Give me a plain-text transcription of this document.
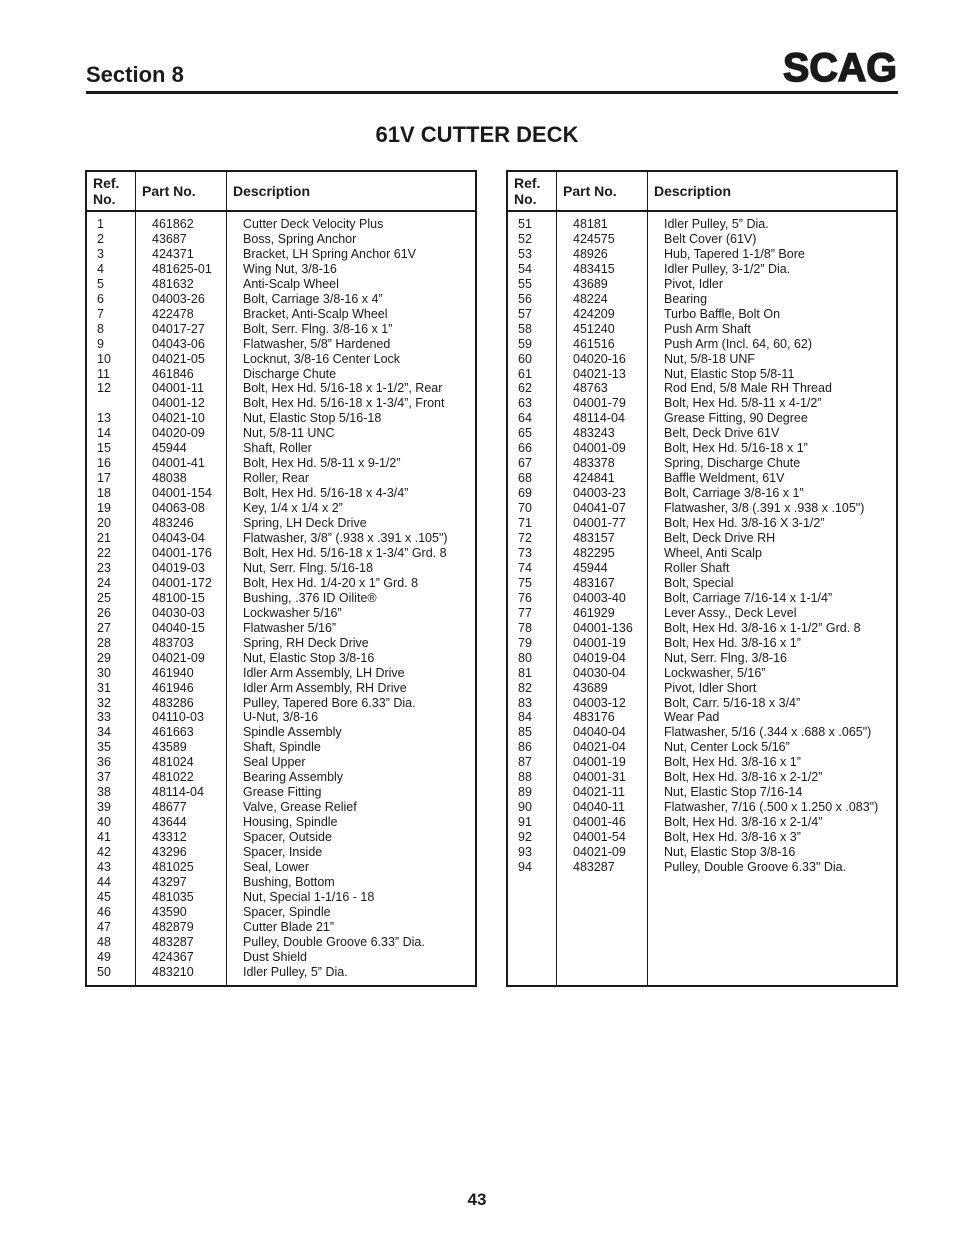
Section 8	SCAG
61V CUTTER DECK
Ref. No.	Part No.	Description
1	461862	Cutter Deck Velocity Plus
2	43687	Boss, Spring Anchor
3	424371	Bracket, LH Spring Anchor 61V
4	481625-01 Wing Nut, 3/8-16
5	481632	Anti-Scalp Wheel
6	04003-26	Bolt, Carriage 3/8-16 x 4”
7	422478	Bracket, Anti-Scalp Wheel
8	04017-27	Bolt, Serr. Flng. 3/8-16 x 1”
9	04043-06	Flatwasher, 5/8” Hardened
10	04021-05	Locknut, 3/8-16 Center Lock
11	461846	Discharge Chute
12	04001-11	Bolt, Hex Hd. 5/16-18 x 1-1/2”, Rear
04001-12	Bolt, Hex Hd. 5/16-18 x 1-3/4”, Front
13	04021-10	Nut, Elastic Stop 5/16-18
14	04020-09	Nut, 5/8-11 UNC
15	45944	Shaft, Roller
16	04001-41	Bolt, Hex Hd. 5/8-11 x 9-1/2”
17	48038	Roller, Rear
18	04001-154 Bolt, Hex Hd. 5/16-18 x 4-3/4”
19	04063-08	Key, 1/4 x 1/4 x 2”
20	483246	Spring, LH Deck Drive
21	04043-04	Flatwasher, 3/8” (.938 x .391 x .105")
22	04001-176 Bolt, Hex Hd. 5/16-18 x 1-3/4” Grd. 8
23	04019-03	Nut, Serr. Flng. 5/16-18
24	04001-172 Bolt, Hex Hd. 1/4-20 x 1” Grd. 8
25	48100-15	Bushing, .376 ID Oilite®
26	04030-03	Lockwasher 5/16”
27	04040-15	Flatwasher 5/16”
28	483703	Spring, RH Deck Drive
29	04021-09	Nut, Elastic Stop 3/8-16
30	461940	Idler Arm Assembly, LH Drive
31	461946	Idler Arm Assembly, RH Drive
32	483286	Pulley, Tapered Bore 6.33” Dia.
33	04110-03	U-Nut, 3/8-16
34	461663	Spindle Assembly
35	43589	Shaft, Spindle
36	481024	Seal Upper
37	481022	Bearing Assembly
38	48114-04	Grease Fitting
39	48677	Valve, Grease Relief
40	43644	Housing, Spindle
41	43312	Spacer, Outside
42	43296	Spacer, Inside
43	481025	Seal, Lower
44	43297	Bushing, Bottom
45	481035	Nut, Special 1-1/16 - 18
46	43590	Spacer, Spindle
47	482879	Cutter Blade 21”
48	483287	Pulley, Double Groove 6.33” Dia.
49	424367	Dust Shield
50	483210	Idler Pulley, 5” Dia.
Ref. No.	Part No.	Description
51	48181	Idler Pulley, 5” Dia.
52	424575	Belt Cover (61V)
53	48926	Hub, Tapered 1-1/8” Bore
54	483415	Idler Pulley, 3-1/2” Dia.
55	43689	Pivot, Idler
56	48224	Bearing
57	424209	Turbo Baffle, Bolt On
58	451240	Push Arm Shaft
59	461516	Push Arm (Incl. 64, 60, 62)
60	04020-16	Nut, 5/8-18 UNF
61	04021-13	Nut, Elastic Stop 5/8-11
62	48763	Rod End, 5/8 Male RH Thread
63	04001-79	Bolt, Hex Hd. 5/8-11 x 4-1/2”
64	48114-04	Grease Fitting, 90 Degree
65	483243	Belt, Deck Drive 61V
66	04001-09	Bolt, Hex Hd. 5/16-18 x 1”
67	483378	Spring, Discharge Chute
68	424841	Baffle Weldment, 61V
69	04003-23	Bolt, Carriage 3/8-16 x 1”
70	04041-07	Flatwasher, 3/8 (.391 x .938 x .105")
71	04001-77	Bolt, Hex Hd. 3/8-16 X 3-1/2”
72	483157	Belt, Deck Drive RH
73	482295	Wheel, Anti Scalp
74	45944	Roller Shaft
75	483167	Bolt, Special
76	04003-40	Bolt, Carriage 7/16-14 x 1-1/4”
77	461929	Lever Assy., Deck Level
78	04001-136 Bolt, Hex Hd. 3/8-16 x 1-1/2” Grd. 8
79	04001-19	Bolt, Hex Hd. 3/8-16 x 1”
80	04019-04	Nut, Serr. Flng. 3/8-16
81	04030-04	Lockwasher, 5/16”
82	43689	Pivot, Idler Short
83	04003-12	Bolt, Carr. 5/16-18 x 3/4”
84	483176	Wear Pad
85	04040-04	Flatwasher, 5/16 (.344 x .688 x .065")
86	04021-04	Nut, Center Lock 5/16”
87	04001-19	Bolt, Hex Hd. 3/8-16 x 1”
88	04001-31	Bolt, Hex Hd. 3/8-16 x 2-1/2”
89	04021-11	Nut, Elastic Stop 7/16-14
90	04040-11	Flatwasher, 7/16 (.500 x 1.250 x .083")
91	04001-46	Bolt, Hex Hd. 3/8-16 x 2-1/4”
92	04001-54	Bolt, Hex Hd. 3/8-16 x 3”
93	04021-09	Nut, Elastic Stop 3/8-16
94	483287	Pulley, Double Groove 6.33" Dia.
43
